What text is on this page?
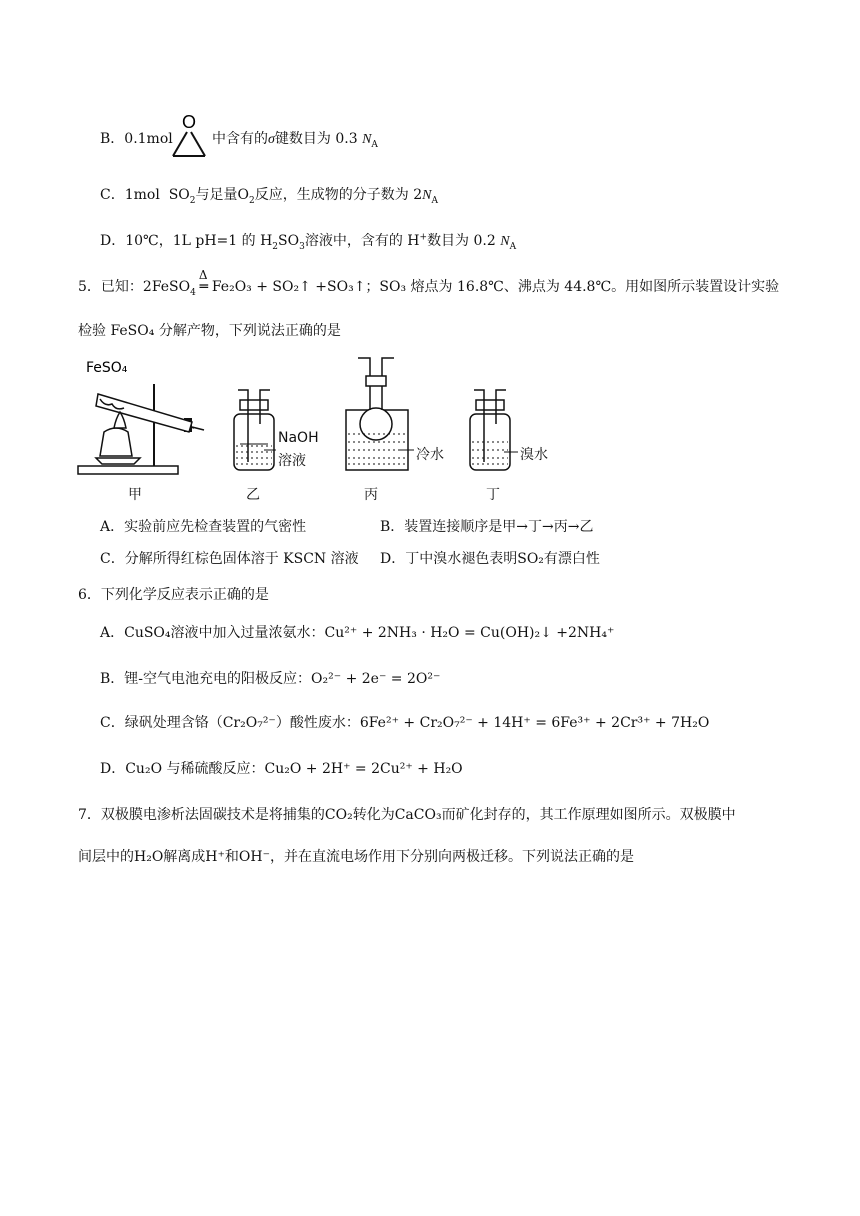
B．0.1mol
O
中含有的σ键数目为 0.3 $N_A$
C．1mol $SO_2$与足量$O_2$反应，生成物的分子数为 $2N_A$
D．10℃，1L pH=1 的 $H_2SO_3$溶液中，含有的 H+数目为 0.2 $N_A$
5．已知：2FeSO$_4$
Δ
═ Fe₂O₃ + SO₂↑ +SO₃↑；SO₃ 熔点为 16.8℃、沸点为 44.8℃。用如图所示装置设计实验
检验 FeSO₄ 分解产物，下列说法正确的是
FeSO₄
NaOH
溶液	冷水	溴水
甲	乙	丙	丁
A．实验前应先检查装置的气密性	B．装置连接顺序是甲→丁→丙→乙
C．分解所得红棕色固体溶于 KSCN 溶液 D．丁中溴水褪色表明SO₂有漂白性
6．下列化学反应表示正确的是
A．CuSO₄溶液中加入过量浓氨水：Cu²⁺ + 2NH₃ · H₂O = Cu(OH)₂↓ +2NH₄⁺
B．锂-空气电池充电的阳极反应：O₂²⁻ + 2e⁻ = 2O²⁻
C．绿矾处理含铬（Cr₂O₇²⁻）酸性废水：6Fe²⁺ + Cr₂O₇²⁻ + 14H⁺ = 6Fe³⁺ + 2Cr³⁺ + 7H₂O
D．Cu₂O 与稀硫酸反应：Cu₂O + 2H⁺ = 2Cu²⁺ + H₂O
7．双极膜电渗析法固碳技术是将捕集的CO₂转化为CaCO₃而矿化封存的，其工作原理如图所示。双极膜中
间层中的H₂O解离成H⁺和OH⁻，并在直流电场作用下分别向两极迁移。下列说法正确的是
